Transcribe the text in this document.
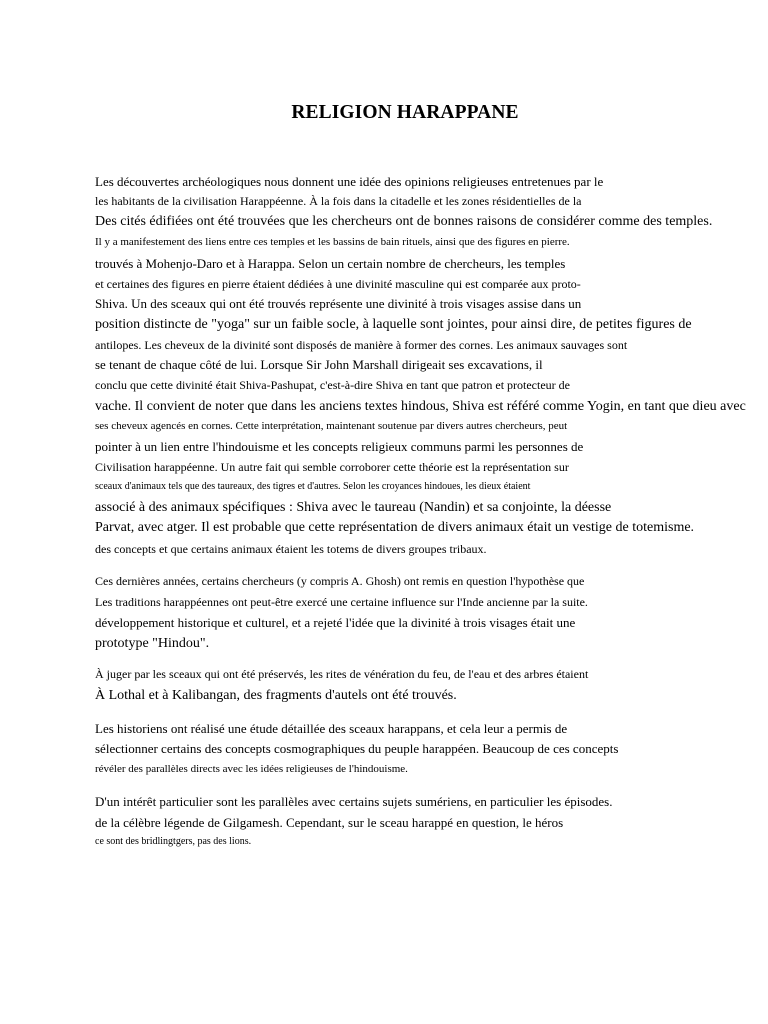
RELIGION HARAPPANE
Les découvertes archéologiques nous donnent une idée des opinions religieuses entretenues par le
les habitants de la civilisation Harappéenne. À la fois dans la citadelle et les zones résidentielles de la
Des cités édifiées ont été trouvées que les chercheurs ont de bonnes raisons de considérer comme des temples.
Il y a manifestement des liens entre ces temples et les bassins de bain rituels, ainsi que des figures en pierre.
trouvés à Mohenjo-Daro et à Harappa. Selon un certain nombre de chercheurs, les temples
et certaines des figures en pierre étaient dédiées à une divinité masculine qui est comparée aux proto-
Shiva. Un des sceaux qui ont été trouvés représente une divinité à trois visages assise dans un
position distincte de "yoga" sur un faible socle, à laquelle sont jointes, pour ainsi dire, de petites figures de
antilopes. Les cheveux de la divinité sont disposés de manière à former des cornes. Les animaux sauvages sont
se tenant de chaque côté de lui. Lorsque Sir John Marshall dirigeait ses excavations, il
conclu que cette divinité était Shiva-Pashupat, c'est-à-dire Shiva en tant que patron et protecteur de
vache. Il convient de noter que dans les anciens textes hindous, Shiva est référé comme Yogin, en tant que dieu avec
ses cheveux agencés en cornes. Cette interprétation, maintenant soutenue par divers autres chercheurs, peut
pointer à un lien entre l'hindouisme et les concepts religieux communs parmi les personnes de
Civilisation harappéenne. Un autre fait qui semble corroborer cette théorie est la représentation sur
sceaux d'animaux tels que des taureaux, des tigres et d'autres. Selon les croyances hindoues, les dieux étaient
associé à des animaux spécifiques : Shiva avec le taureau (Nandin) et sa conjointe, la déesse
Parvat, avec atger. Il est probable que cette représentation de divers animaux était un vestige de totemisme.
des concepts et que certains animaux étaient les totems de divers groupes tribaux.
Ces dernières années, certains chercheurs (y compris A. Ghosh) ont remis en question l'hypothèse que
Les traditions harappéennes ont peut-être exercé une certaine influence sur l'Inde ancienne par la suite.
développement historique et culturel, et a rejeté l'idée que la divinité à trois visages était une
prototype "Hindou".
À juger par les sceaux qui ont été préservés, les rites de vénération du feu, de l'eau et des arbres étaient
À Lothal et à Kalibangan, des fragments d'autels ont été trouvés.
Les historiens ont réalisé une étude détaillée des sceaux harappans, et cela leur a permis de
sélectionner certains des concepts cosmographiques du peuple harappéen. Beaucoup de ces concepts
révéler des parallèles directs avec les idées religieuses de l'hindouisme.
D'un intérêt particulier sont les parallèles avec certains sujets sumériens, en particulier les épisodes.
de la célèbre légende de Gilgamesh. Cependant, sur le sceau harappé en question, le héros
ce sont des bridlingtgers, pas des lions.
